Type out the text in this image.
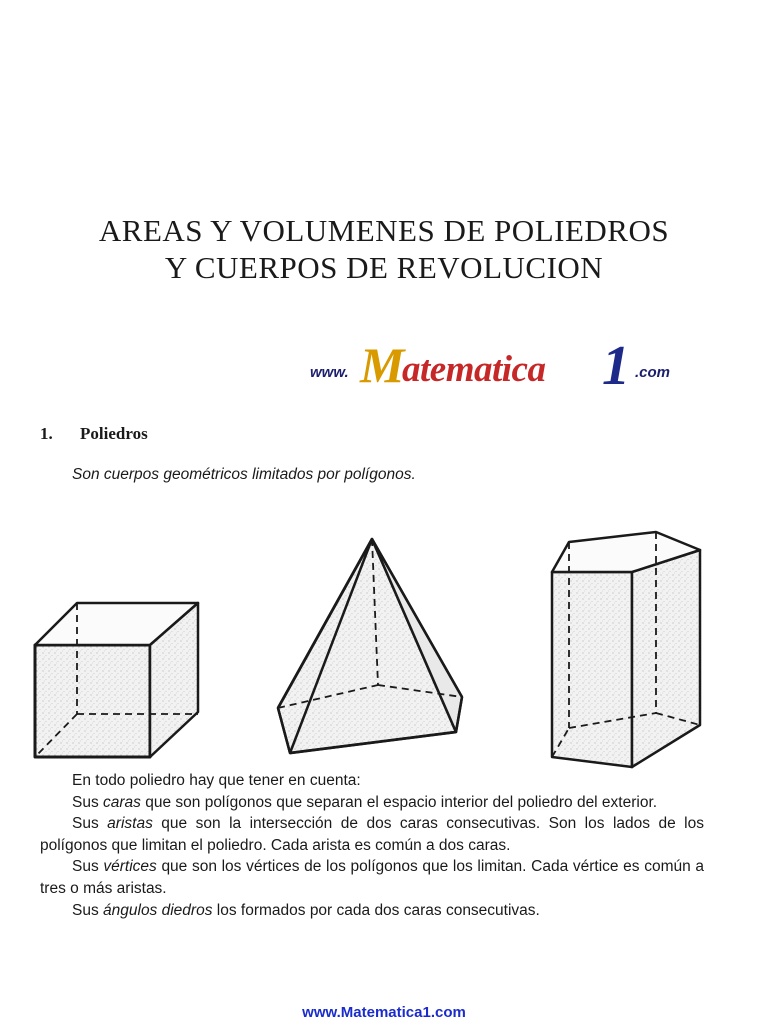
AREAS Y VOLUMENES DE POLIEDROS
Y CUERPOS DE REVOLUCION
www. M
atematica 1 .com
1. Poliedros
Son cuerpos geométricos limitados por polígonos.

En todo poliedro hay que tener en cuenta:

Sus caras que son polígonos que separan el espacio interior del poliedro del exterior.

Sus aristas que son la intersección de dos caras consecutivas. Son los lados de los polígonos que limitan el poliedro. Cada arista es común a dos caras.

Sus vértices que son los vértices de los polígonos que los limitan. Cada vértice es común a tres o más aristas.

Sus ángulos diedros los formados por cada dos caras consecutivas.

www.Matematica1.com
